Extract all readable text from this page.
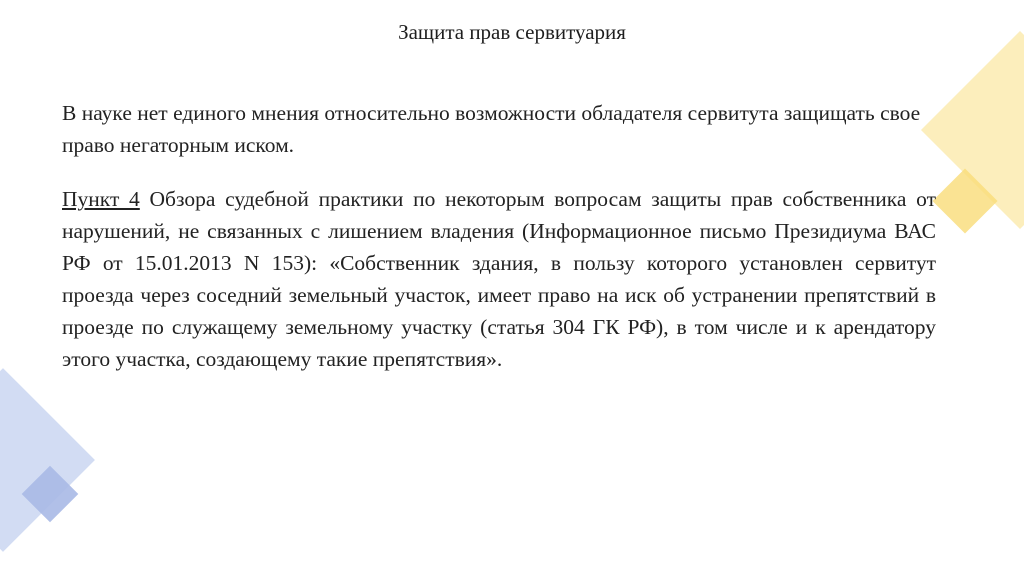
Защита прав сервитуария
В науке нет единого мнения относительно возможности обладателя сервитута защищать свое право негаторным иском.
Пункт 4 Обзора судебной практики по некоторым вопросам защиты прав собственника от нарушений, не связанных с лишением владения (Информационное письмо Президиума ВАС РФ от 15.01.2013 N 153): «Собственник здания, в пользу которого установлен сервитут проезда через соседний земельный участок, имеет право на иск об устранении препятствий в проезде по служащему земельному участку (статья 304 ГК РФ), в том числе и к арендатору этого участка, создающему такие препятствия».
